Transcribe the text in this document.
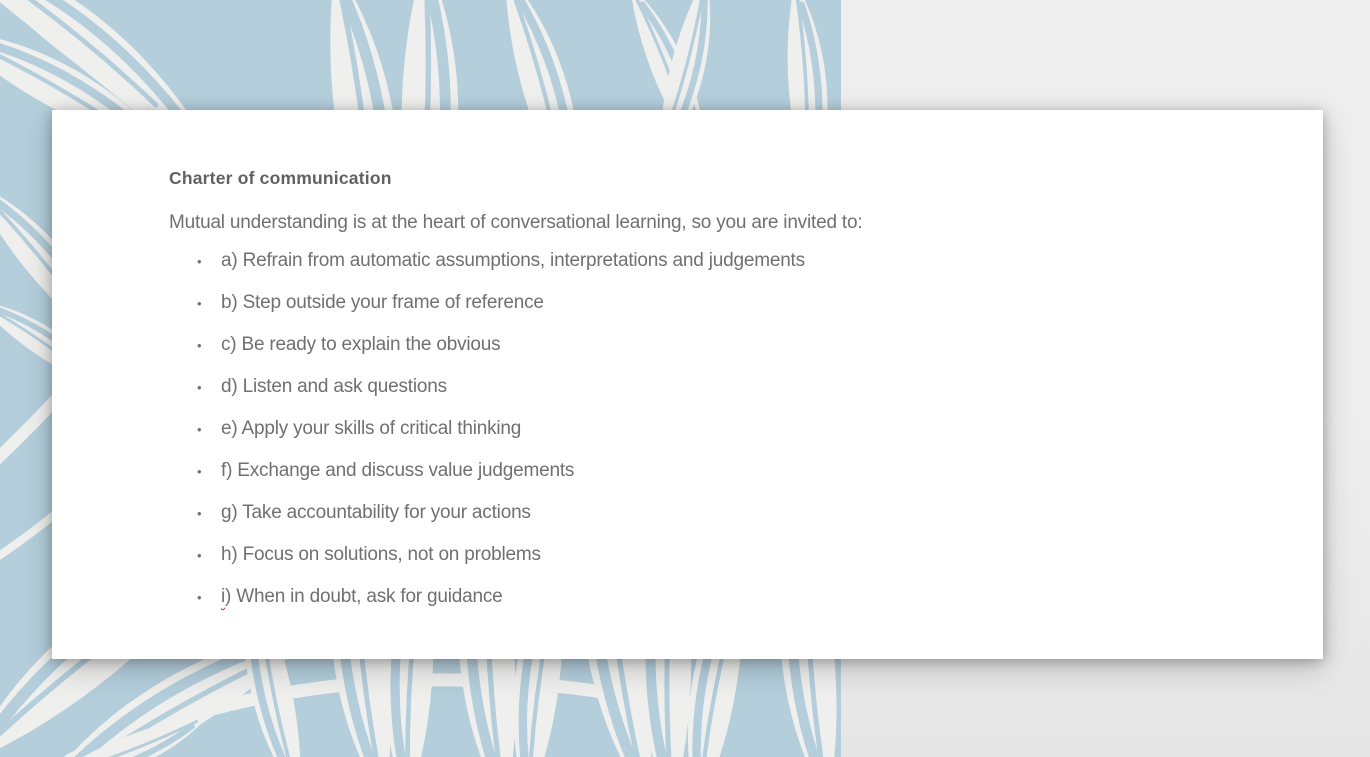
Charter of communication
Mutual understanding is at the heart of conversational learning, so you are invited to:
•	a) Refrain from automatic assumptions, interpretations and judgements
•	b) Step outside your frame of reference
•	c) Be ready to explain the obvious
•	d) Listen and ask questions
•	e) Apply your skills of critical thinking
•	f) Exchange and discuss value judgements
•	g) Take accountability for your actions
•	h) Focus on solutions, not on problems
•	i) When in doubt, ask for guidance
